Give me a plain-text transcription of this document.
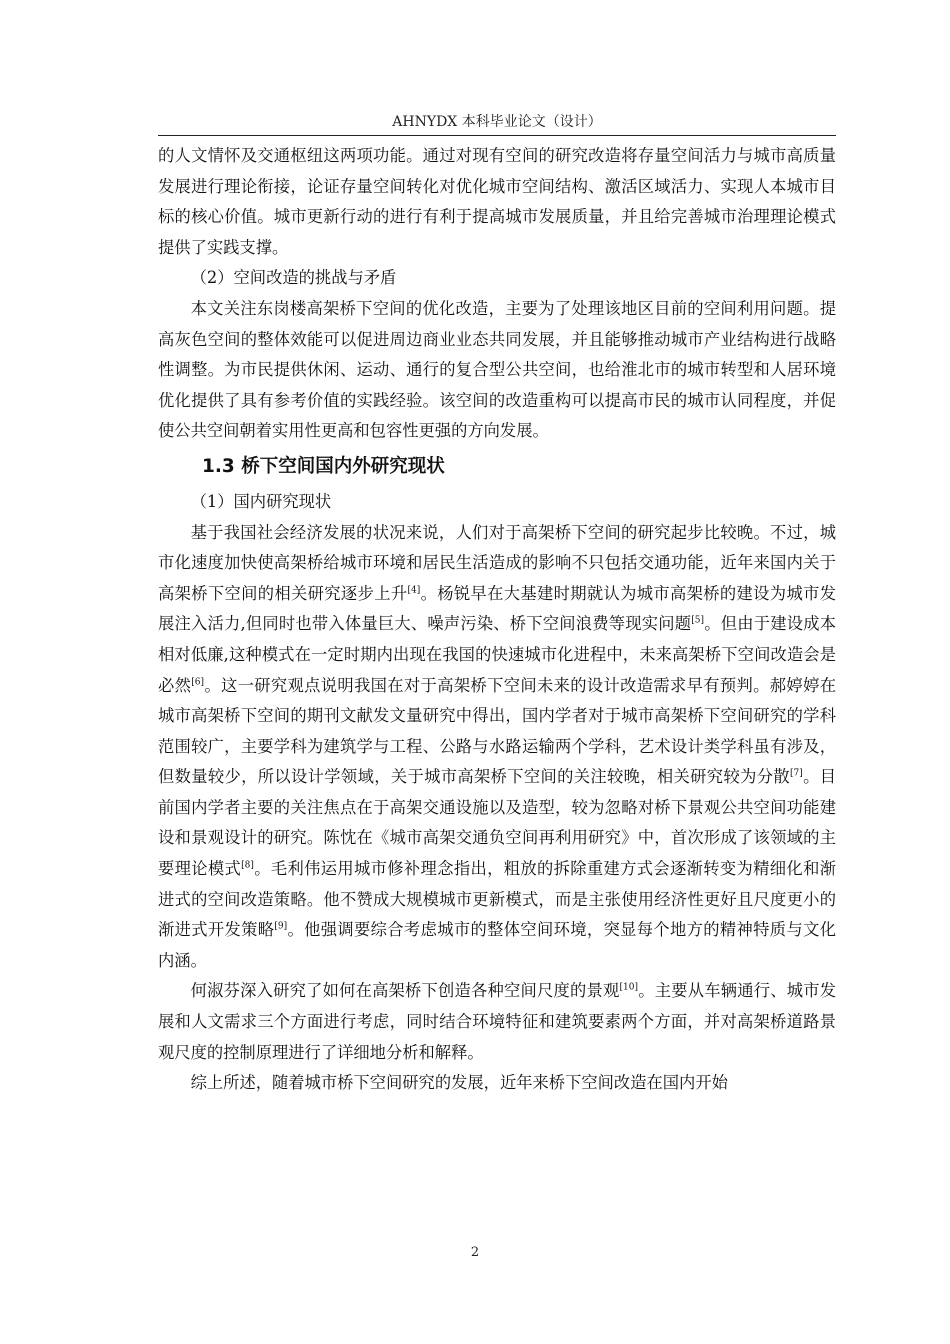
AHNYDX 本科毕业论文（设计）

的人文情怀及交通枢纽这两项功能。通过对现有空间的研究改造将存量空间活力与城市高质量发展进行理论衔接，论证存量空间转化对优化城市空间结构、激活区域活力、实现人本城市目标的核心价值。城市更新行动的进行有利于提高城市发展质量，并且给完善城市治理理论模式提供了实践支撑。

（2）空间改造的挑战与矛盾

本文关注东岗楼高架桥下空间的优化改造，主要为了处理该地区目前的空间利用问题。提高灰色空间的整体效能可以促进周边商业业态共同发展，并且能够推动城市产业结构进行战略性调整。为市民提供休闲、运动、通行的复合型公共空间，也给淮北市的城市转型和人居环境优化提供了具有参考价值的实践经验。该空间的改造重构可以提高市民的城市认同程度，并促使公共空间朝着实用性更高和包容性更强的方向发展。

1.3 桥下空间国内外研究现状

（1）国内研究现状

基于我国社会经济发展的状况来说，人们对于高架桥下空间的研究起步比较晚。不过，城市化速度加快使高架桥给城市环境和居民生活造成的影响不只包括交通功能，近年来国内关于高架桥下空间的相关研究逐步上升[4]。杨锐早在大基建时期就认为城市高架桥的建设为城市发展注入活力,但同时也带入体量巨大、噪声污染、桥下空间浪费等现实问题[5]。但由于建设成本相对低廉,这种模式在一定时期内出现在我国的快速城市化进程中，未来高架桥下空间改造会是必然[6]。这一研究观点说明我国在对于高架桥下空间未来的设计改造需求早有预判。郝婷婷在城市高架桥下空间的期刊文献发文量研究中得出，国内学者对于城市高架桥下空间研究的学科范围较广，主要学科为建筑学与工程、公路与水路运输两个学科，艺术设计类学科虽有涉及，但数量较少，所以设计学领域，关于城市高架桥下空间的关注较晚，相关研究较为分散[7]。目前国内学者主要的关注焦点在于高架交通设施以及造型，较为忽略对桥下景观公共空间功能建设和景观设计的研究。陈忱在《城市高架交通负空间再利用研究》中，首次形成了该领域的主要理论模式[8]。毛利伟运用城市修补理念指出，粗放的拆除重建方式会逐渐转变为精细化和渐进式的空间改造策略。他不赞成大规模城市更新模式，而是主张使用经济性更好且尺度更小的渐进式开发策略[9]。他强调要综合考虑城市的整体空间环境，突显每个地方的精神特质与文化内涵。

何淑芬深入研究了如何在高架桥下创造各种空间尺度的景观[10]。主要从车辆通行、城市发展和人文需求三个方面进行考虑，同时结合环境特征和建筑要素两个方面，并对高架桥道路景观尺度的控制原理进行了详细地分析和解释。

综上所述，随着城市桥下空间研究的发展，近年来桥下空间改造在国内开始

2
